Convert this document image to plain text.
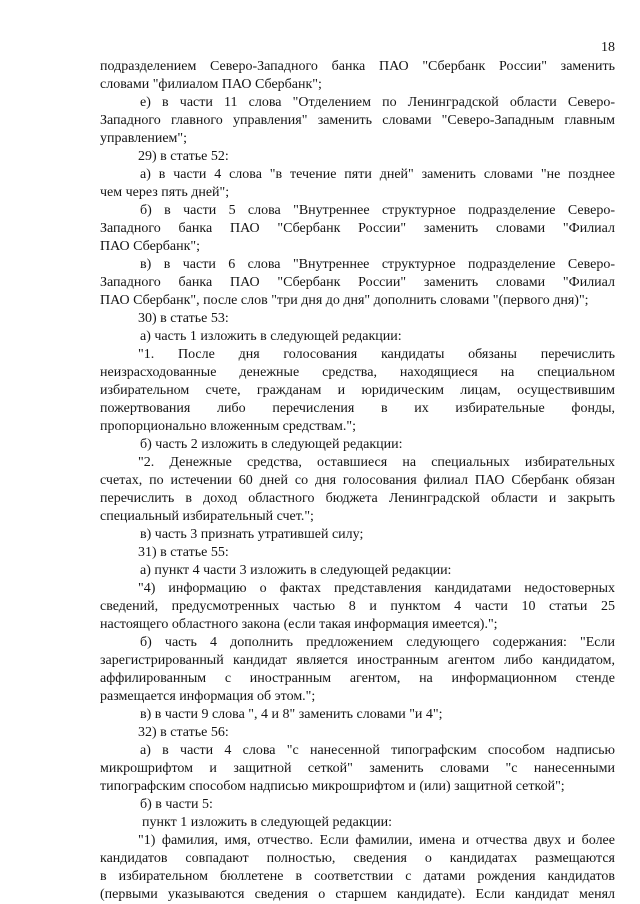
18
подразделением Северо-Западного банка ПАО "Сбербанк России" заменить
словами "филиалом ПАО Сбербанк";
е) в части 11 слова "Отделением по Ленинградской области Северо-
Западного главного управления" заменить словами "Северо-Западным главным
управлением";
29) в статье 52:
а) в части 4 слова "в течение пяти дней" заменить словами "не позднее
чем через пять дней";
б) в части 5 слова "Внутреннее структурное подразделение Северо-
Западного банка ПАО "Сбербанк России" заменить словами "Филиал
ПАО Сбербанк";
в) в части 6 слова "Внутреннее структурное подразделение Северо-
Западного банка ПАО "Сбербанк России" заменить словами "Филиал
ПАО Сбербанк", после слов "три дня до дня" дополнить словами "(первого дня)";
30) в статье 53:
а) часть 1 изложить в следующей редакции:
"1. После дня голосования кандидаты обязаны перечислить
неизрасходованные денежные средства, находящиеся на специальном
избирательном счете, гражданам и юридическим лицам, осуществившим
пожертвования либо перечисления в их избирательные фонды,
пропорционально вложенным средствам.";
б) часть 2 изложить в следующей редакции:
"2. Денежные средства, оставшиеся на специальных избирательных
счетах, по истечении 60 дней со дня голосования филиал ПАО Сбербанк обязан
перечислить в доход областного бюджета Ленинградской области и закрыть
специальный избирательный счет.";
в) часть 3 признать утратившей силу;
31) в статье 55:
а) пункт 4 части 3 изложить в следующей редакции:
"4) информацию о фактах представления кандидатами недостоверных
сведений, предусмотренных частью 8 и пунктом 4 части 10 статьи 25
настоящего областного закона (если такая информация имеется).";
б) часть 4 дополнить предложением следующего содержания: "Если
зарегистрированный кандидат является иностранным агентом либо кандидатом,
аффилированным с иностранным агентом, на информационном стенде
размещается информация об этом.";
в) в части 9 слова ", 4 и 8" заменить словами "и 4";
32) в статье 56:
а) в части 4 слова "с нанесенной типографским способом надписью
микрошрифтом и защитной сеткой" заменить словами "с нанесенными
типографским способом надписью микрошрифтом и (или) защитной сеткой";
б) в части 5:
пункт 1 изложить в следующей редакции:
"1) фамилия, имя, отчество. Если фамилии, имена и отчества двух и более
кандидатов совпадают полностью, сведения о кандидатах размещаются
в избирательном бюллетене в соответствии с датами рождения кандидатов
(первыми указываются сведения о старшем кандидате). Если кандидат менял
